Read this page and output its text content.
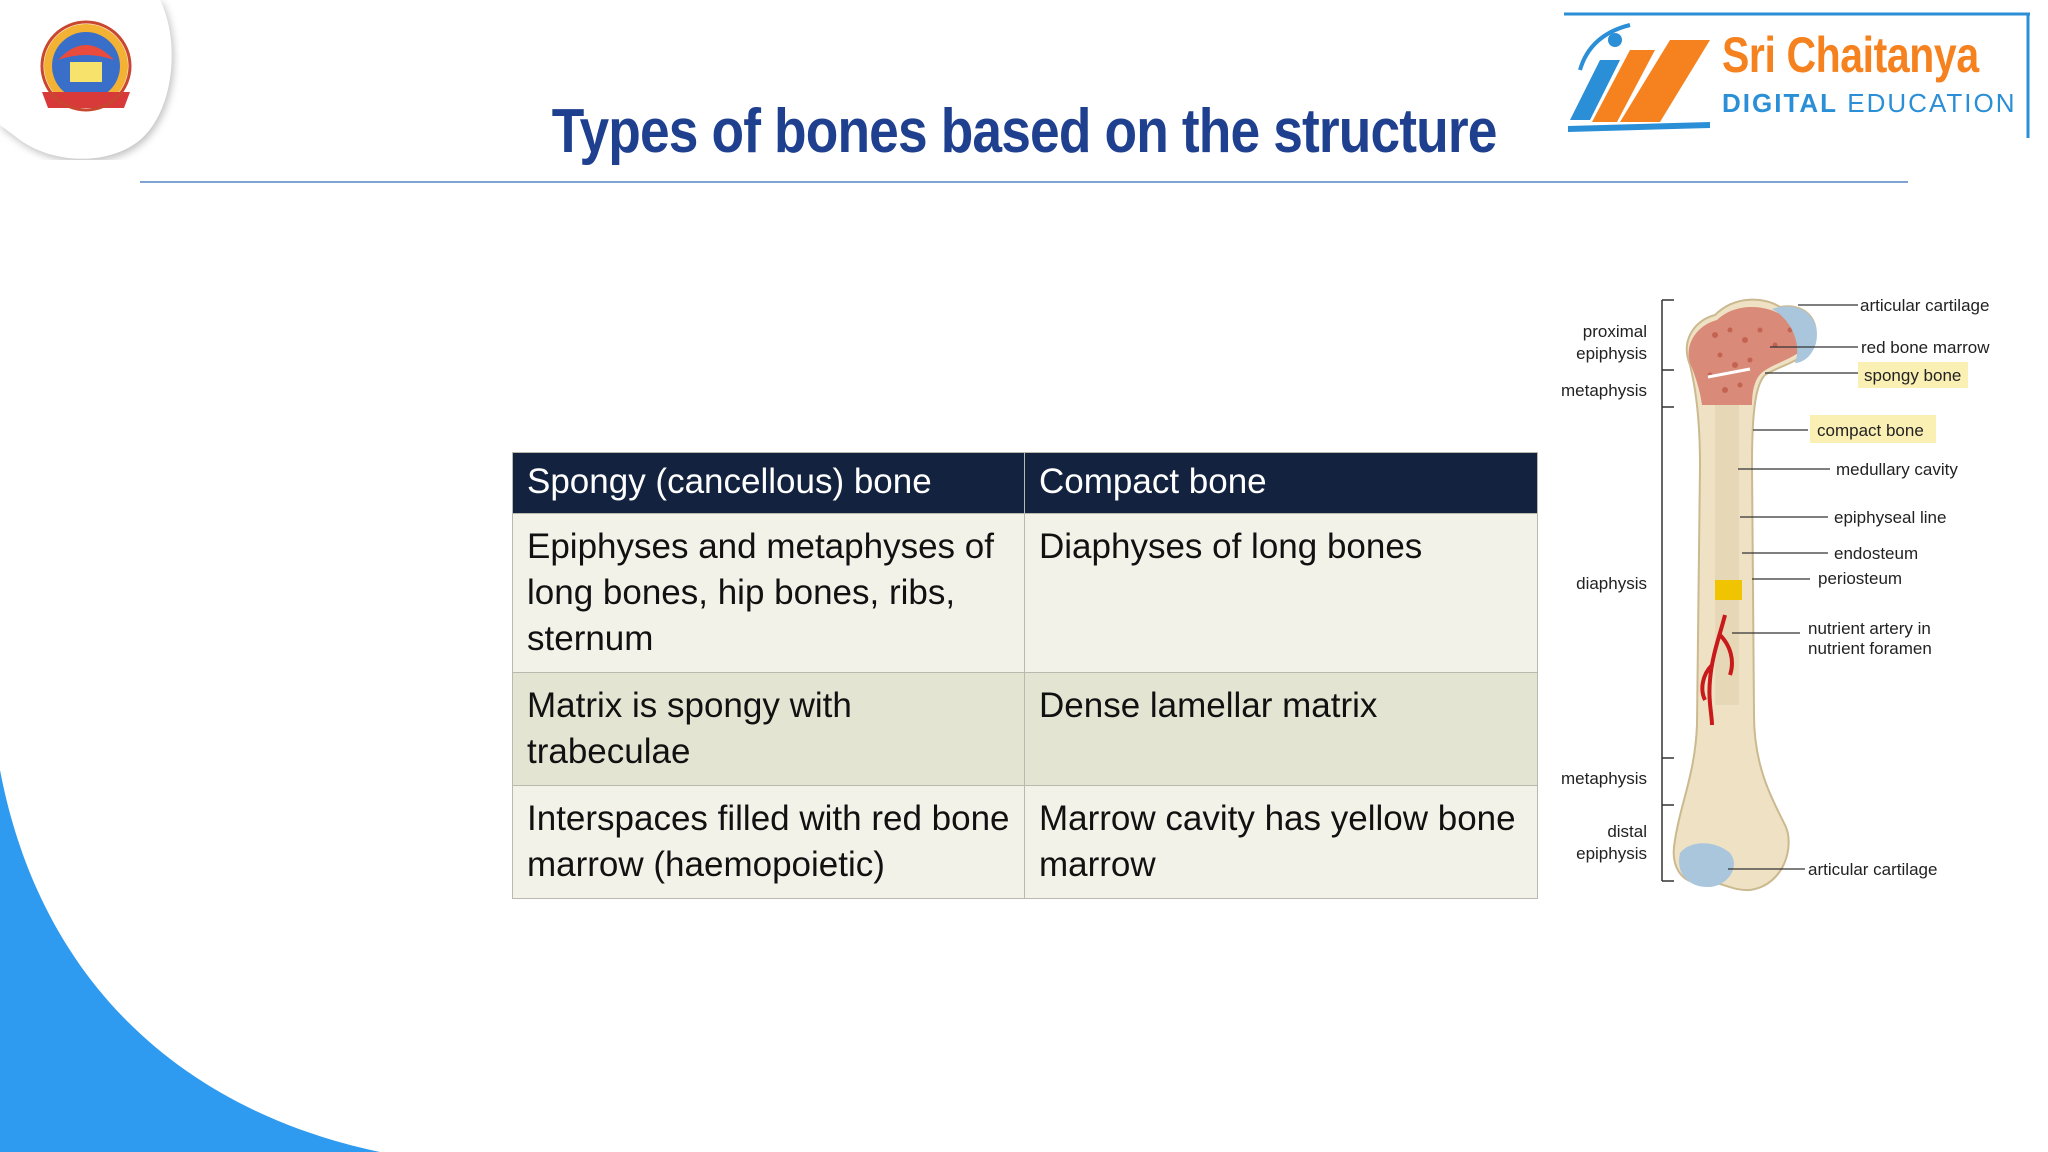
Types of bones based on the structure
Sri Chaitanya
DIGITAL EDUCATION
Spongy (cancellous) bone	Compact bone
Epiphyses and metaphyses of long bones, hip bones, ribs, sternum	Diaphyses of long bones
Matrix is spongy with trabeculae	Dense lamellar matrix
Interspaces filled with red bone marrow (haemopoietic)	Marrow cavity has yellow bone marrow
proximal
epiphysis
metaphysis
diaphysis
metaphysis
distal
epiphysis
articular cartilage
red bone marrow
spongy bone
compact bone
medullary cavity
epiphyseal line
endosteum
periosteum
nutrient artery in
nutrient foramen
articular cartilage
